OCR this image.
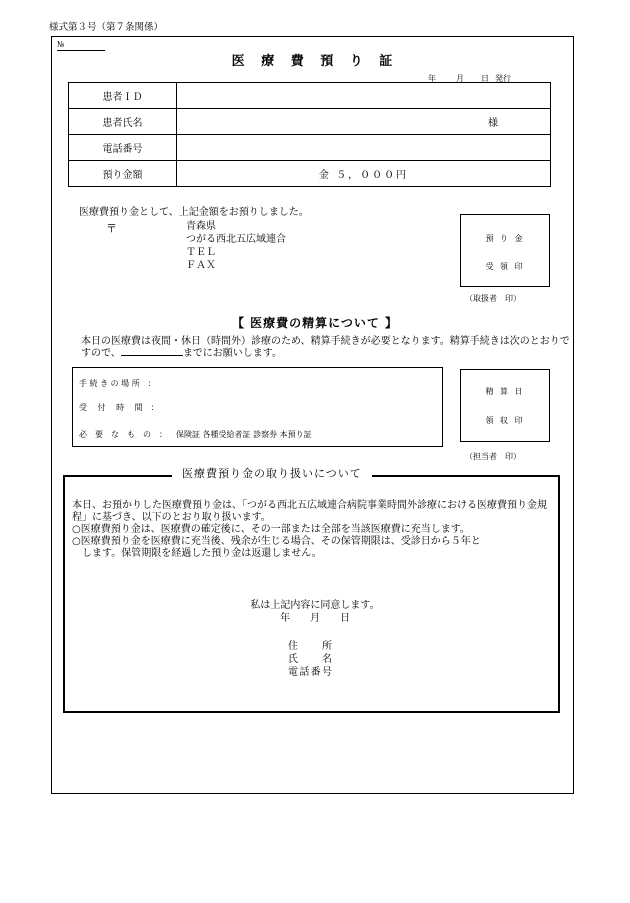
様式第３号（第７条関係）
№
医 療 費 預 り 証
年	月 日 発行
患者ＩＤ	
患者氏名	様

電話番号	
預り金額	金 ５，０００円
医療費預り金として、上記金額をお預りしました。
〒	青森県
つがる西北五広域連合
ＴＥＬ
ＦＡＸ
預 り 金
受 領 印
（取扱者　印）
【 医療費の精算について 】
本日の医療費は夜間・休日（時間外）診療のため、精算手続きが必要となります。精算手続きは次のとおりですので、	までにお願いします。
手 続 き の 場 所　：
受　 付　 時　 間　：
必　要　な　も　の　： 保険証 各種受給者証 診察券 本預り証
精 算 日
領 収 印
（担当者　印）
医療費預り金の取り扱いについて

本日、お預かりした医療費預り金は、「つがる西北五広域連合病院事業時間外診療における医療費預り金規程」に基づき、以下のとおり取り扱います。

○医療費預り金は、医療費の確定後に、その一部または全部を当該医療費に充当します。

○医療費預り金を医療費に充当後、残余が生じる場合、その保管期限は、受診日から５年と

します。保管期限を経過した預り金は返還しません。

私は上記内容に同意します。
年 月 日
住所
氏名
電話番号
